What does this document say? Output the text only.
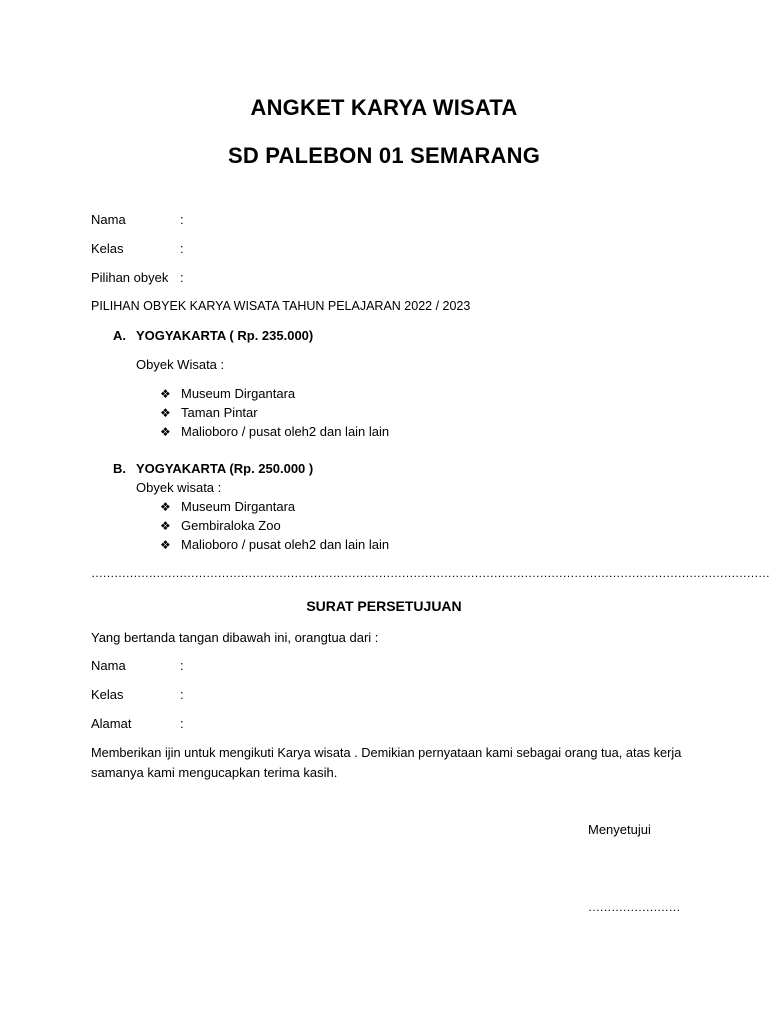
ANGKET KARYA WISATA
SD PALEBON 01 SEMARANG
Nama	:
Kelas	:
Pilihan obyek :
PILIHAN OBYEK KARYA WISATA TAHUN PELAJARAN 2022 / 2023
A. YOGYAKARTA ( Rp. 235.000)
Obyek Wisata :
❖ Museum Dirgantara
❖ Taman Pintar
❖ Malioboro / pusat oleh2 dan lain lain
B. YOGYAKARTA (Rp. 250.000 )
Obyek wisata :
❖ Museum Dirgantara
❖ Gembiraloka Zoo
❖ Malioboro / pusat oleh2 dan lain lain
……………………………………………………………………………………………………………………………………………………………
SURAT PERSETUJUAN
Yang bertanda tangan dibawah ini, orangtua dari :
Nama	:
Kelas	:
Alamat	:
Memberikan ijin untuk mengikuti Karya wisata . Demikian pernyataan kami sebagai orang tua, atas kerja
samanya kami mengucapkan terima kasih.
Menyetujui
……………………
